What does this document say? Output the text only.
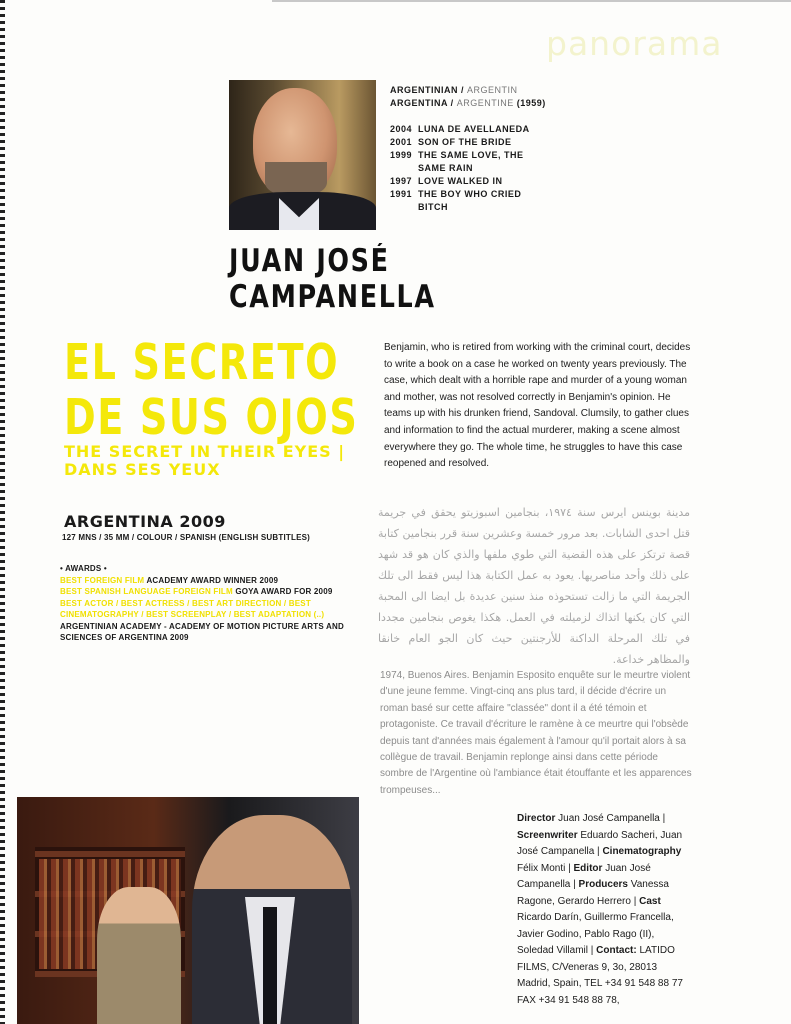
panorama
ARGENTINIAN / ARGENTIN
ARGENTINA / ARGENTINE (1959)
2004 LUNA DE AVELLANEDA
2001 SON OF THE BRIDE
1999 THE SAME LOVE, THE SAME RAIN
1997 LOVE WALKED IN
1991 THE BOY WHO CRIED BITCH
JUAN JOSÉ
CAMPANELLA
EL SECRETO
DE SUS OJOS
THE SECRET IN THEIR EYES | DANS SES YEUX
ARGENTINA 2009
127 MNS / 35 MM / COLOUR / SPANISH (ENGLISH SUBTITLES)
• AWARDS •
BEST FOREIGN FILM ACADEMY AWARD WINNER 2009
BEST SPANISH LANGUAGE FOREIGN FILM GOYA AWARD FOR 2009
BEST ACTOR / BEST ACTRESS / BEST ART DIRECTION / BEST CINEMATOGRAPHY / BEST SCREENPLAY / BEST ADAPTATION (..)
ARGENTINIAN ACADEMY - ACADEMY OF MOTION PICTURE ARTS AND SCIENCES OF ARGENTINA 2009
Benjamin, who is retired from working with the criminal court, decides to write a book on a case he worked on twenty years previously. The case, which dealt with a horrible rape and murder of a young woman and mother, was not resolved correctly in Benjamin's opinion. He teams up with his drunken friend, Sandoval. Clumsily, to gather clues and information to find the actual murderer, making a scene almost everywhere they go. The whole time, he struggles to have this case reopened and resolved.
مدينة بوينس ايرس سنة ١٩٧٤، بنجامين اسبوزيتو يحقق في جريمة قتل احدى الشابات. بعد مرور خمسة وعشرين سنة قرر بنجامين كتابة قصة ترتكز على هذه القضية التي طوي ملفها والذي كان هو قد شهد على ذلك وأحد مناصريها. يعود به عمل الكتابة هذا ليس فقط الى تلك الجريمة التي ما زالت تستحوذه منذ سنين عديدة بل ايضا الى المحبة التي كان يكنها اتذاك لزميلته في العمل. هكذا يغوص بنجامين مجددا في تلك المرحلة الداكنة للأرجنتين حيث كان الجو العام خانقا والمظاهر خداعة.
1974, Buenos Aires. Benjamin Esposito enquête sur le meurtre violent d'une jeune femme. Vingt-cinq ans plus tard, il décide d'écrire un roman basé sur cette affaire "classée" dont il a été témoin et protagoniste. Ce travail d'écriture le ramène à ce meurtre qui l'obsède depuis tant d'années mais également à l'amour qu'il portait alors à sa collègue de travail. Benjamin replonge ainsi dans cette période sombre de l'Argentine où l'ambiance était étouffante et les apparences trompeuses...
Director Juan José Campanella | Screenwriter Eduardo Sacheri, Juan José Campanella | Cinematography Félix Monti | Editor Juan José Campanella | Producers Vanessa Ragone, Gerardo Herrero | Cast Ricardo Darín, Guillermo Francella, Javier Godino, Pablo Rago (II), Soledad Villamil | Contact: LATIDO FILMS, C/Veneras 9, 3o, 28013 Madrid, Spain, TEL +34 91 548 88 77 FAX +34 91 548 88 78,
